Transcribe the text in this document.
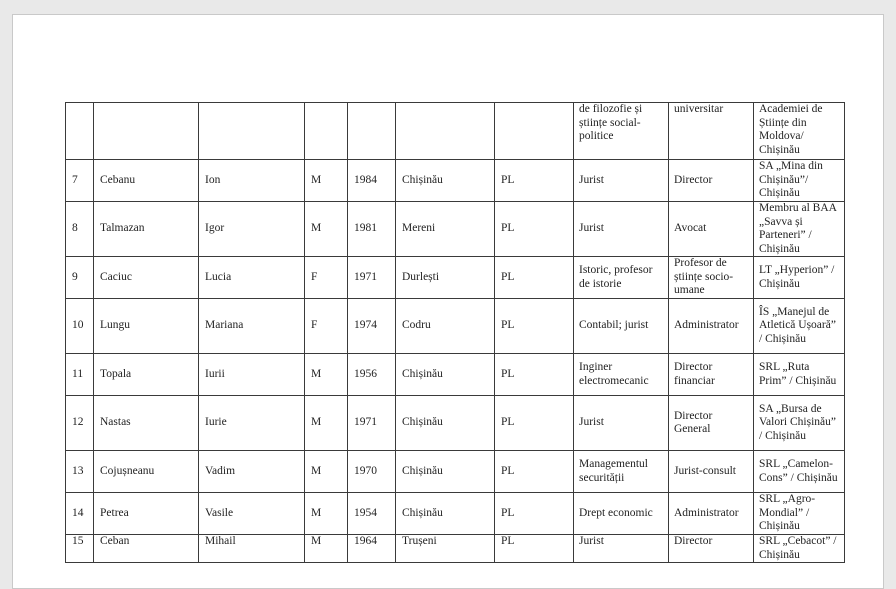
							de filozofie și științe social-politice	universitar	Academiei de Științe din Moldova/ Chișinău
7	Cebanu	Ion	M	1984	Chișinău	PL	Jurist	Director	SA „Mina din Chișinău”/ Chișinău
8	Talmazan	Igor	M	1981	Mereni	PL	Jurist	Avocat	Membru al BAA „Savva și Parteneri” / Chișinău
9	Caciuc	Lucia	F	1971	Durlești	PL	Istoric, profesor de istorie	Profesor de științe socio-umane	LT „Hyperion” / Chișinău
10	Lungu	Mariana	F	1974	Codru	PL	Contabil; jurist	Administrator	ÎS „Manejul de Atletică Ușoară” / Chișinău
11	Topala	Iurii	M	1956	Chișinău	PL	Inginer electromecanic	Director financiar	SRL „Ruta Prim” / Chișinău
12	Nastas	Iurie	M	1971	Chișinău	PL	Jurist	Director General	SA „Bursa de Valori Chișinău” / Chișinău
13	Cojușneanu	Vadim	M	1970	Chișinău	PL	Managementul securității	Jurist-consult	SRL „Camelon-Cons” / Chișinău
14	Petrea	Vasile	M	1954	Chișinău	PL	Drept economic	Administrator	SRL „Agro-Mondial” / Chișinău
15	Ceban	Mihail	M	1964	Trușeni	PL	Jurist	Director	SRL „Cebacot” / Chișinău
